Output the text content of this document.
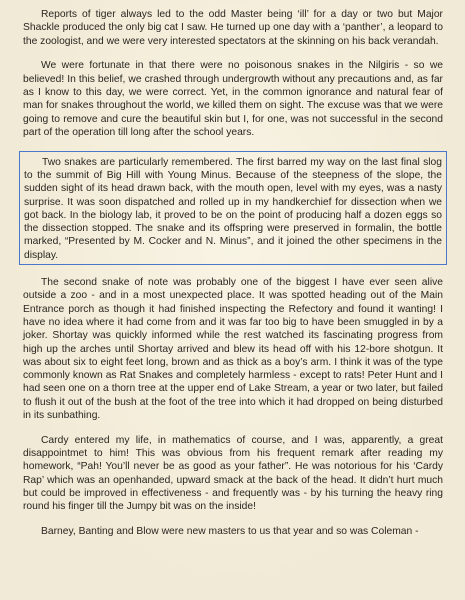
Reports of tiger always led to the odd Master being ‘ill’ for a day or two but Major Shackle produced the only big cat I saw. He turned up one day with a ‘panther’, a leopard to the zoologist, and we were very interested spectators at the skinning on his back verandah.

We were fortunate in that there were no poisonous snakes in the Nilgiris - so we believed! In this belief, we crashed through undergrowth without any precautions and, as far as I know to this day, we were correct. Yet, in the common ignorance and natural fear of man for snakes throughout the world, we killed them on sight. The excuse was that we were going to remove and cure the beautiful skin but I, for one, was not successful in the second part of the operation till long after the school years.

Two snakes are particularly remembered. The first barred my way on the last final slog to the summit of Big Hill with Young Minus. Because of the steepness of the slope, the sudden sight of its head drawn back, with the mouth open, level with my eyes, was a nasty surprise. It was soon dispatched and rolled up in my handkerchief for dissection when we got back. In the biology lab, it proved to be on the point of producing half a dozen eggs so the dissection stopped. The snake and its offspring were preserved in formalin, the bottle marked, “Presented by M. Cocker and N. Minus”, and it joined the other specimens in the display.

The second snake of note was probably one of the biggest I have ever seen alive outside a zoo - and in a most unexpected place. It was spotted heading out of the Main Entrance porch as though it had finished inspecting the Refectory and found it wanting! I have no idea where it had come from and it was far too big to have been smuggled in by a joker. Shortay was quickly informed while the rest watched its fascinating progress from high up the arches until Shortay arrived and blew its head off with his 12-bore shotgun. It was about six to eight feet long, brown and as thick as a boy’s arm. I think it was of the type commonly known as Rat Snakes and completely harmless - except to rats! Peter Hunt and I had seen one on a thorn tree at the upper end of Lake Stream, a year or two later, but failed to flush it out of the bush at the foot of the tree into which it had dropped on being disturbed in its sunbathing.

Cardy entered my life, in mathematics of course, and I was, apparently, a great disappointmet to him! This was obvious from his frequent remark after reading my homework, “Pah! You’ll never be as good as your father”. He was notorious for his ‘Cardy Rap’ which was an openhanded, upward smack at the back of the head. It didn’t hurt much but could be improved in effectiveness - and frequently was - by his turning the heavy ring round his finger till the Jumpy bit was on the inside!

Barney, Banting and Blow were new masters to us that year and so was Coleman -
